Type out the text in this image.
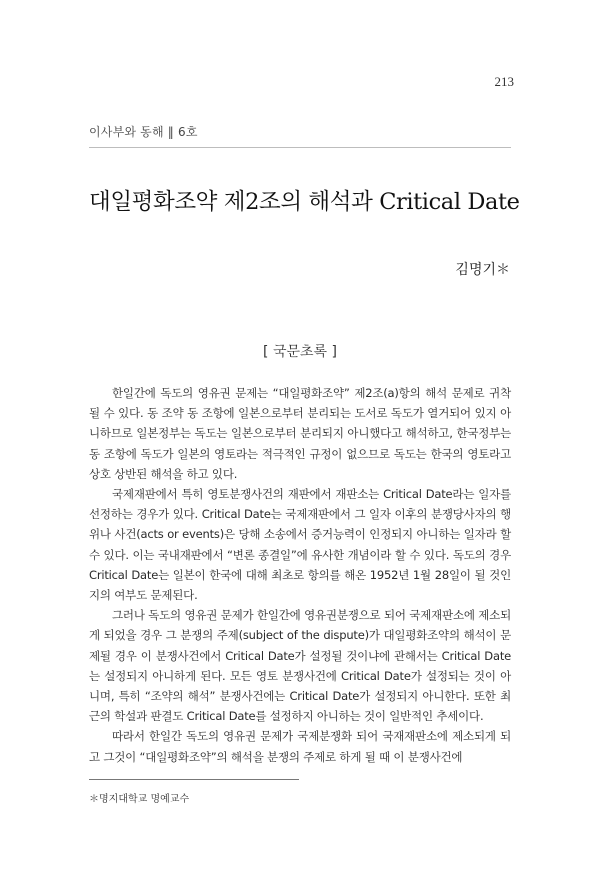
213
이사부와 동해 ‖ 6호
대일평화조약 제2조의 해석과 Critical Date
김명기＊
[ 국문초록 ]

한일간에 독도의 영유권 문제는 “대일평화조약” 제2조(a)항의 해석 문제로 귀착될 수 있다. 동 조약 동 조항에 일본으로부터 분리되는 도서로 독도가 열거되어 있지 아니하므로 일본정부는 독도는 일본으로부터 분리되지 아니했다고 해석하고, 한국정부는 동 조항에 독도가 일본의 영토라는 적극적인 규정이 없으므로 독도는 한국의 영토라고 상호 상반된 해석을 하고 있다.

국제재판에서 특히 영토분쟁사건의 재판에서 재판소는 Critical Date라는 일자를 선정하는 경우가 있다. Critical Date는 국제재판에서 그 일자 이후의 분쟁당사자의 행위나 사건(acts or events)은 당해 소송에서 증거능력이 인정되지 아니하는 일자라 할 수 있다. 이는 국내재판에서 “변론 종결일”에 유사한 개념이라 할 수 있다. 독도의 경우 Critical Date는 일본이 한국에 대해 최초로 항의를 해온 1952년 1월 28일이 될 것인지의 여부도 문제된다.

그러나 독도의 영유권 문제가 한일간에 영유권분쟁으로 되어 국제재판소에 제소되게 되었을 경우 그 분쟁의 주제(subject of the dispute)가 대일평화조약의 해석이 문제될 경우 이 분쟁사건에서 Critical Date가 설정될 것이냐에 관해서는 Critical Date는 설정되지 아니하게 된다. 모든 영토 분쟁사건에 Critical Date가 설정되는 것이 아니며, 특히 “조약의 해석” 분쟁사건에는 Critical Date가 설정되지 아니한다. 또한 최근의 학설과 판결도 Critical Date를 설정하지 아니하는 것이 일반적인 추세이다.

따라서 한일간 독도의 영유권 문제가 국제분쟁화 되어 국재재판소에 제소되게 되고 그것이 “대일평화조약”의 해석을 분쟁의 주제로 하게 될 때 이 분쟁사건에

＊명지대학교 명예교수
